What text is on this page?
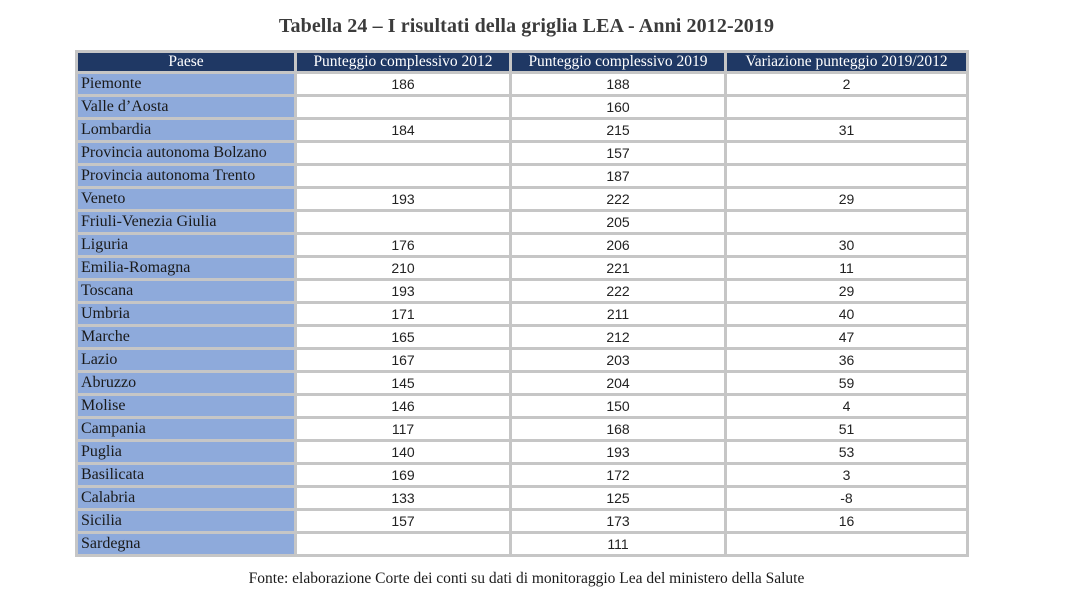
Tabella 24 – I risultati della griglia LEA - Anni 2012-2019
Paese	Punteggio complessivo 2012	Punteggio complessivo 2019	Variazione punteggio 2019/2012
Piemonte	186	188	2
Valle d’Aosta		160	
Lombardia	184	215	31
Provincia autonoma Bolzano		157	
Provincia autonoma Trento		187	
Veneto	193	222	29
Friuli-Venezia Giulia		205	
Liguria	176	206	30
Emilia-Romagna	210	221	11
Toscana	193	222	29
Umbria	171	211	40
Marche	165	212	47
Lazio	167	203	36
Abruzzo	145	204	59
Molise	146	150	4
Campania	117	168	51
Puglia	140	193	53
Basilicata	169	172	3
Calabria	133	125	-8
Sicilia	157	173	16
Sardegna		111	
Fonte: elaborazione Corte dei conti su dati di monitoraggio Lea del ministero della Salute
